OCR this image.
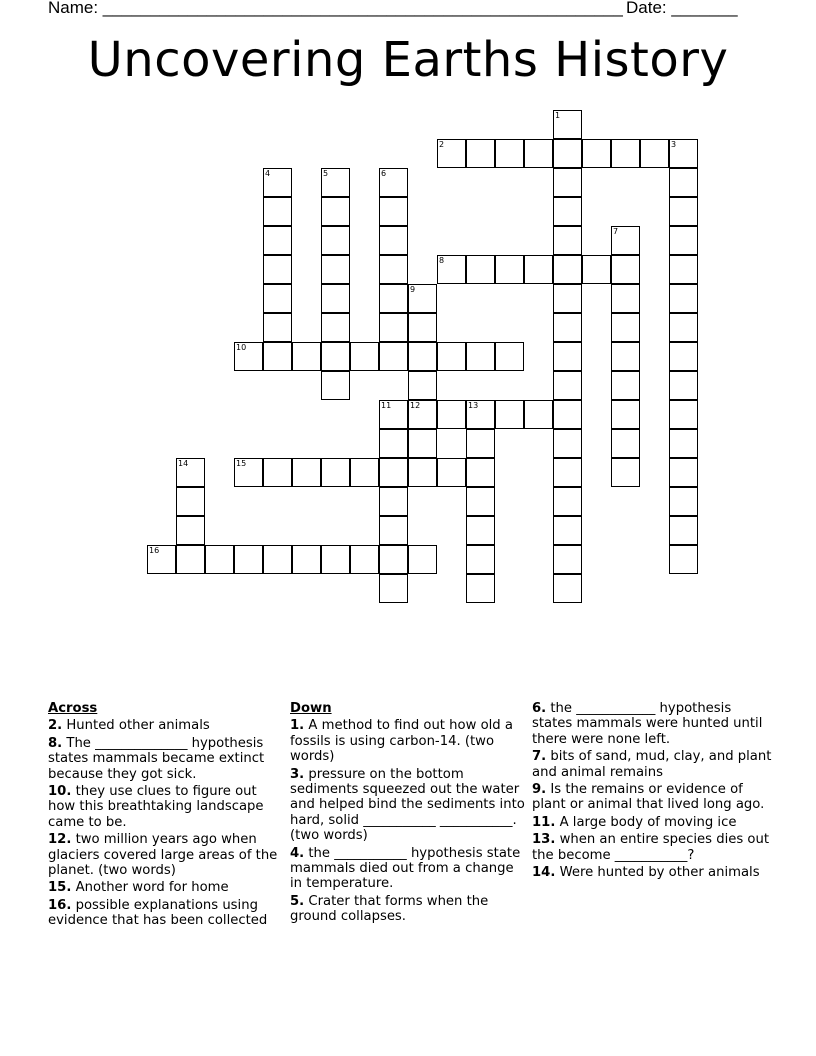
Name: _______________________________________________________ Date: _______
Uncovering Earths History
2	3
8
10
12	13
15
16
1
4	5	6
7
9
11
14
Across
2. Hunted other animals
8. The ______________ hypothesis states mammals became extinct because they got sick.
10. they use clues to figure out how this breathtaking landscape came to be.
12. two million years ago when glaciers covered large areas of the planet. (two words)
15. Another word for home
16. possible explanations using evidence that has been collected
Down
1. A method to find out how old a fossils is using carbon-14. (two words)
3. pressure on the bottom sediments squeezed out the water and helped bind the sediments into hard, solid ___________ ___________. (two words)
4. the ___________ hypothesis state mammals died out from a change in temperature.
5. Crater that forms when the ground collapses.
6. the ____________ hypothesis states mammals were hunted until there were none left.
7. bits of sand, mud, clay, and plant and animal remains
9. Is the remains or evidence of plant or animal that lived long ago.
11. A large body of moving ice
13. when an entire species dies out the become ___________?
14. Were hunted by other animals
